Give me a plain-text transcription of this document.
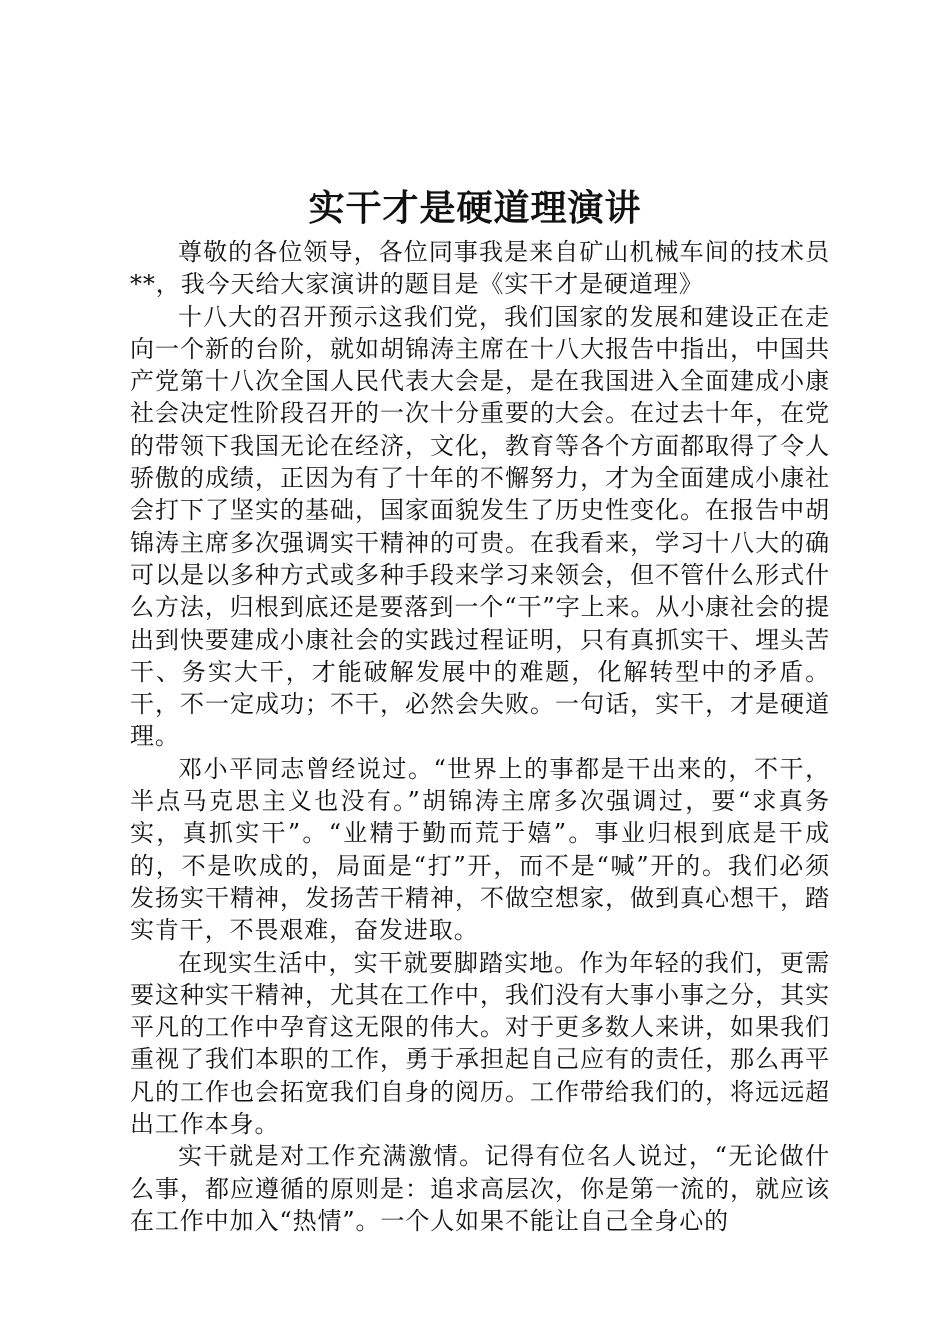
实干才是硬道理演讲

尊敬的各位领导，各位同事我是来自矿山机械车间的技术员**，我今天给大家演讲的题目是《实干才是硬道理》

十八大的召开预示这我们党，我们国家的发展和建设正在走向一个新的台阶，就如胡锦涛主席在十八大报告中指出，中国共产党第十八次全国人民代表大会是，是在我国进入全面建成小康社会决定性阶段召开的一次十分重要的大会。在过去十年，在党的带领下我国无论在经济，文化，教育等各个方面都取得了令人骄傲的成绩，正因为有了十年的不懈努力，才为全面建成小康社会打下了坚实的基础，国家面貌发生了历史性变化。在报告中胡锦涛主席多次强调实干精神的可贵。在我看来，学习十八大的确可以是以多种方式或多种手段来学习来领会，但不管什么形式什么方法，归根到底还是要落到一个“干”字上来。从小康社会的提出到快要建成小康社会的实践过程证明，只有真抓实干、埋头苦干、务实大干，才能破解发展中的难题，化解转型中的矛盾。干，不一定成功；不干，必然会失败。一句话，实干，才是硬道理。

邓小平同志曾经说过。“世界上的事都是干出来的，不干，半点马克思主义也没有。”胡锦涛主席多次强调过，要“求真务实，真抓实干”。“业精于勤而荒于嬉”。事业归根到底是干成的，不是吹成的，局面是“打”开，而不是“喊”开的。我们必须发扬实干精神，发扬苦干精神，不做空想家，做到真心想干，踏实肯干，不畏艰难，奋发进取。

在现实生活中，实干就要脚踏实地。作为年轻的我们，更需要这种实干精神，尤其在工作中，我们没有大事小事之分，其实平凡的工作中孕育这无限的伟大。对于更多数人来讲，如果我们重视了我们本职的工作，勇于承担起自己应有的责任，那么再平凡的工作也会拓宽我们自身的阅历。工作带给我们的，将远远超出工作本身。

实干就是对工作充满激情。记得有位名人说过，“无论做什么事，都应遵循的原则是：追求高层次，你是第一流的，就应该在工作中加入“热情”。一个人如果不能让自己全身心的
